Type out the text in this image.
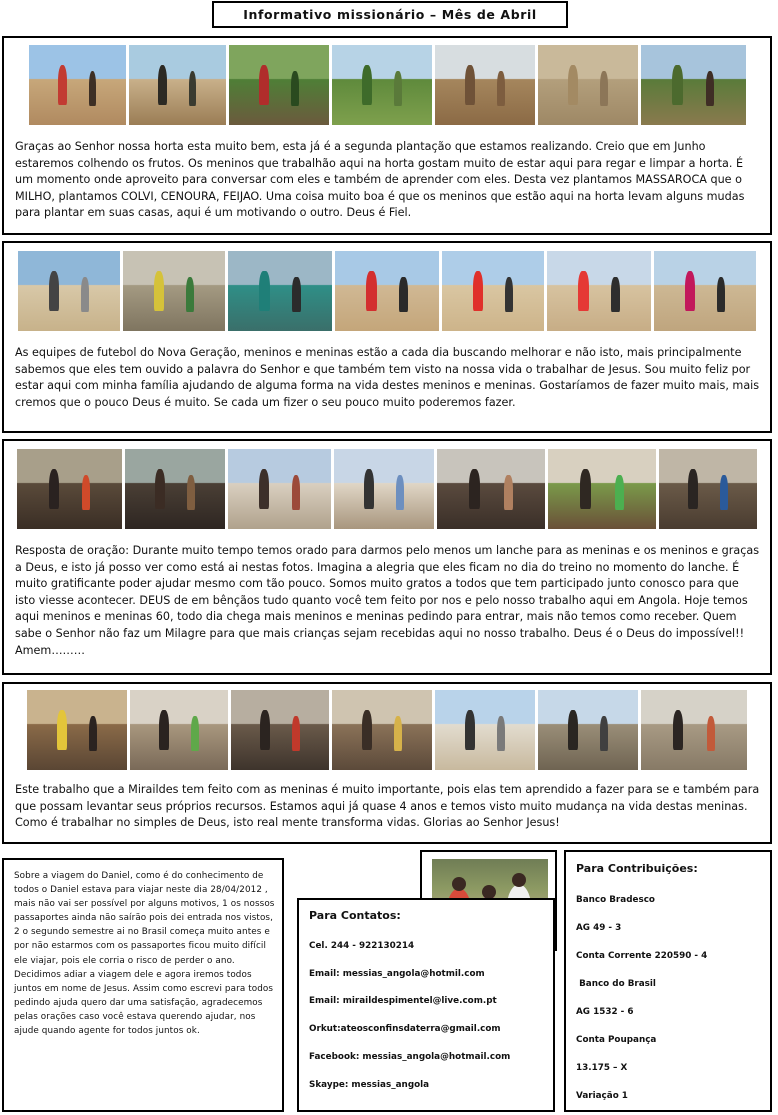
Informativo missionário – Mês de Abril
Graças ao Senhor nossa horta esta muito bem, esta já é a segunda plantação que estamos realizando. Creio que em Junho estaremos colhendo os frutos. Os meninos que trabalhão aqui na horta gostam muito de estar aqui para regar e limpar a horta. É um momento onde aproveito para conversar com eles e também de aprender com eles. Desta vez plantamos MASSAROCA que o MILHO, plantamos COLVI, CENOURA, FEIJAO. Uma coisa muito boa é que os meninos que estão aqui na horta levam alguns mudas para plantar em suas casas, aqui é um motivando o outro. Deus é Fiel.
As equipes de futebol do Nova Geração, meninos e meninas estão a cada dia buscando melhorar e não isto, mais principalmente sabemos que eles tem ouvido a palavra do Senhor e que também tem visto na nossa vida o trabalhar de Jesus. Sou muito feliz por estar aqui com minha família ajudando de alguma forma na vida destes meninos e meninas. Gostaríamos de fazer muito mais, mais cremos que o pouco Deus é muito. Se cada um fizer o seu pouco muito poderemos fazer.
Resposta de oração: Durante muito tempo temos orado para darmos pelo menos um lanche para as meninas e os meninos e graças a Deus, e isto já posso ver como está ai nestas fotos. Imagina a alegria que eles ficam no dia do treino no momento do lanche. É muito gratificante poder ajudar mesmo com tão pouco. Somos muito gratos a todos que tem participado junto conosco para que isto viesse acontecer. DEUS de em bênçãos tudo quanto você tem feito por nos e pelo nosso trabalho aqui em Angola. Hoje temos aqui meninos e meninas 60, todo dia chega mais meninos e meninas pedindo para entrar, mais não temos como receber. Quem sabe o Senhor não faz um Milagre para que mais crianças sejam recebidas aqui no nosso trabalho. Deus é o Deus do impossível!! Amem………
Este trabalho que a Miraildes tem feito com as meninas é muito importante, pois elas tem aprendido a fazer para se e também para que possam levantar seus próprios recursos. Estamos aqui já quase 4 anos e temos visto muito mudança na vida destas meninas. Como é trabalhar no simples de Deus, isto real mente transforma vidas. Glorias ao Senhor Jesus!
Sobre a viagem do Daniel, como é do conhecimento de todos o Daniel estava para viajar neste dia 28/04/2012 , mais não vai ser possível por alguns motivos, 1 os nossos passaportes ainda não saírão pois dei entrada nos vistos, 2 o segundo semestre ai no Brasil começa muito antes e por não estarmos com os passaportes ficou muito difícil ele viajar, pois ele corria o risco de perder o ano. Decidimos adiar a viagem dele e agora iremos todos juntos em nome de Jesus. Assim como escrevi para todos pedindo ajuda quero dar uma satisfação, agradecemos pelas orações caso você estava querendo ajudar, nos ajude quando agente for todos juntos ok.
Para Contatos:
Cel. 244 - 922130214
Email: messias_angola@hotmil.com
Email: miraildespimentel@live.com.pt
Orkut:ateosconfinsdaterra@gmail.com
Facebook: messias_angola@hotmail.com
Skaype: messias_angola
Para Contribuições:
Banco Bradesco
AG 49 - 3
Conta Corrente 220590 - 4
Banco do Brasil
AG 1532 - 6
Conta Poupança
13.175 – X
Variação 1
